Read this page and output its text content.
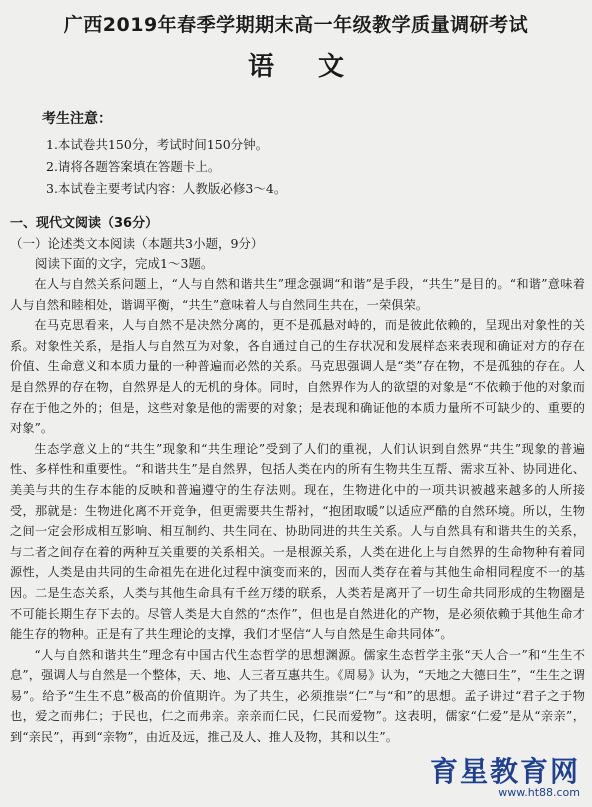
广西2019年春季学期期末高一年级教学质量调研考试
语文
考生注意：
1.本试卷共150分，考试时间150分钟。
2.请将各题答案填在答题卡上。
3.本试卷主要考试内容：人教版必修3～4。
一、现代文阅读（36分）
（一）论述类文本阅读（本题共3小题，9分）
阅读下面的文字，完成1～3题。

在人与自然关系问题上，“人与自然和谐共生”理念强调“和谐”是手段，“共生”是目的。“和谐”意味着人与自然和睦相处，谐调平衡，“共生”意味着人与自然同生共在，一荣俱荣。

在马克思看来，人与自然不是决然分离的，更不是孤悬对峙的，而是彼此依赖的，呈现出对象性的关系。对象性关系，是指人与自然互为对象，各自通过自己的生存状况和发展样态来表现和确证对方的存在价值、生命意义和本质力量的一种普遍而必然的关系。马克思强调人是“类”存在物，不是孤独的存在。人是自然界的存在物，自然界是人的无机的身体。同时，自然界作为人的欲望的对象是“不依赖于他的对象而存在于他之外的；但是，这些对象是他的需要的对象；是表现和确证他的本质力量所不可缺少的、重要的对象”。

生态学意义上的“共生”现象和“共生理论”受到了人们的重视，人们认识到自然界“共生”现象的普遍性、多样性和重要性。“和谐共生”是自然界，包括人类在内的所有生物共生互帮、需求互补、协同进化、美美与共的生存本能的反映和普遍遵守的生存法则。现在，生物进化中的一项共识被越来越多的人所接受，那就是：生物进化离不开竞争，但更需要共生帮衬，“抱团取暖”以适应严酷的自然环境。所以，生物之间一定会形成相互影响、相互制约、共生同在、协助同进的共生关系。人与自然具有和谐共生的关系，与二者之间存在着的两种互关重要的关系相关。一是根源关系，人类在进化上与自然界的生命物种有着同源性，人类是由共同的生命祖先在进化过程中演变而来的，因而人类存在着与其他生命相同程度不一的基因。二是生态关系，人类与其他生命具有千丝万缕的联系，人类若是离开了一切生命共同形成的生物圈是不可能长期生存下去的。尽管人类是大自然的“杰作”，但也是自然进化的产物，是必须依赖于其他生命才能生存的物种。正是有了共生理论的支撑，我们才坚信“人与自然是生命共同体”。

“人与自然和谐共生”理念有中国古代生态哲学的思想渊源。儒家生态哲学主张“天人合一”和“生生不息”，强调人与自然是一个整体，天、地、人三者互惠共生。《周易》认为，“天地之大德曰生”，“生生之谓易”。给予“生生不息”极高的价值期许。为了共生，必须推崇“仁”与“和”的思想。孟子讲过“君子之于物也，爱之而弗仁；于民也，仁之而弗亲。亲亲而仁民，仁民而爱物”。这表明，儒家“仁爱”是从“亲亲”，到“亲民”，再到“亲物”，由近及远，推己及人、推人及物，其和以生”。

育星教育网
www.ht88.com
